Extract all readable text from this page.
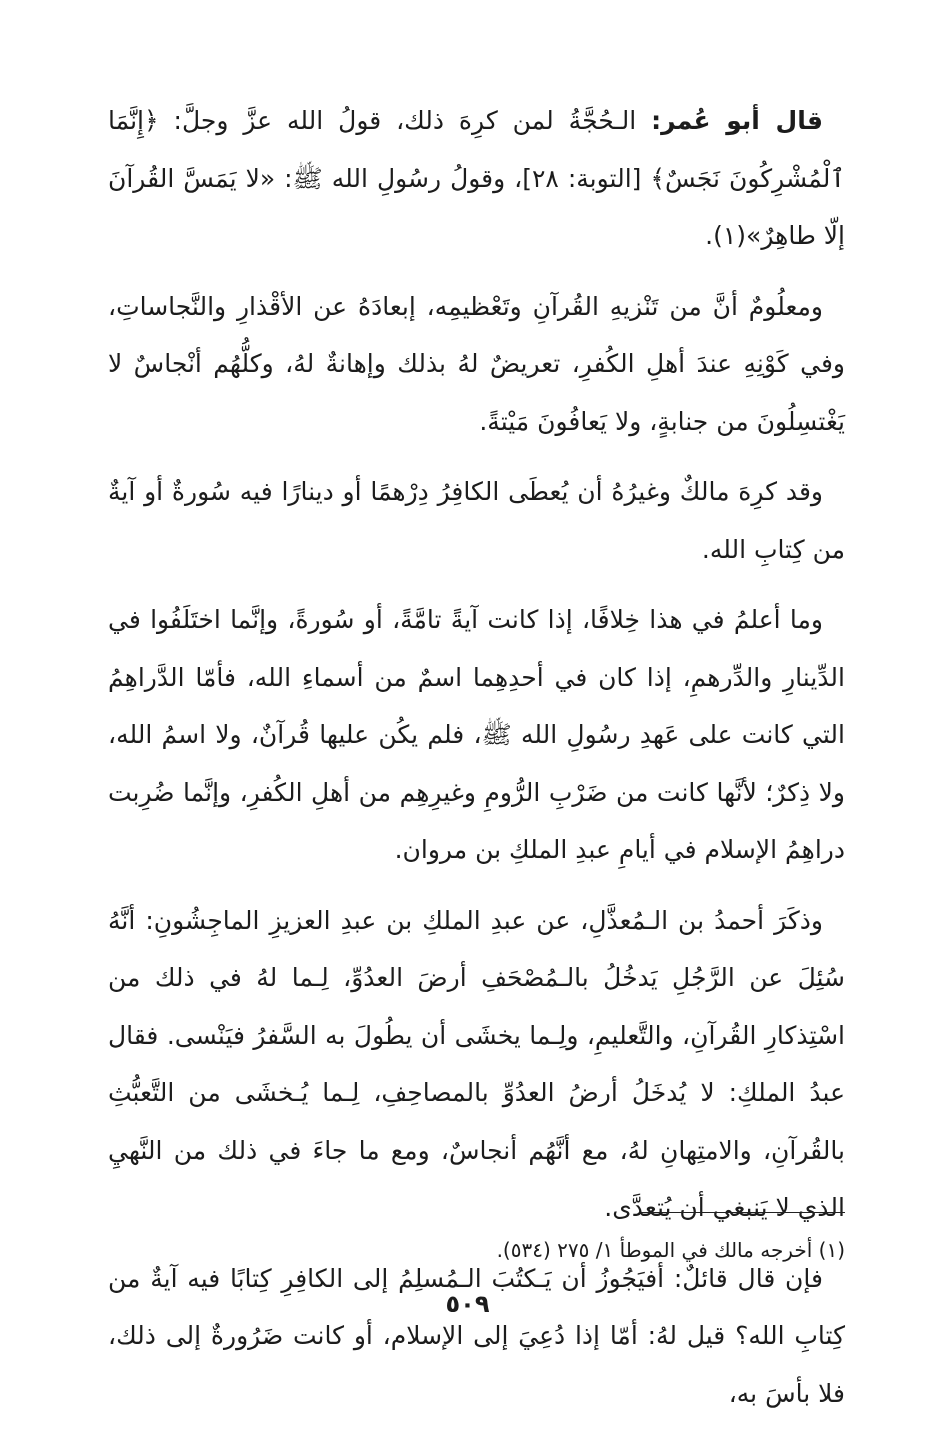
قال أبو عُمر: الـحُجَّةُ لمن كرِهَ ذلك، قولُ الله عزَّ وجلَّ: ﴿إِنَّمَا ٱلْمُشْرِكُونَ نَجَسٌ﴾ [التوبة: ٢٨]، وقولُ رسُولِ الله ﷺ: «لا يَمَسَّ القُرآنَ إلّا طاهِرٌ»(١).

ومعلُومٌ أنَّ من تَنْزيهِ القُرآنِ وتَعْظيمِه، إبعادَهُ عن الأقْذارِ والنَّجاساتِ، وفي كَوْنِهِ عندَ أهلِ الكُفرِ، تعريضٌ لهُ بذلك وإهانةٌ لهُ، وكلُّهُم أنْجاسٌ لا يَغْتسِلُونَ من جنابةٍ، ولا يَعافُونَ مَيْتةً.

وقد كرِهَ مالكٌ وغيرُهُ أن يُعطَى الكافِرُ دِرْهمًا أو دينارًا فيه سُورةٌ أو آيةٌ من كِتابِ الله.

وما أعلمُ في هذا خِلافًا، إذا كانت آيةً تامَّةً، أو سُورةً، وإنَّما اختَلَفُوا في الدِّينارِ والدِّرهمِ، إذا كان في أحدِهِما اسمٌ من أسماءِ الله، فأمّا الدَّراهِمُ التي كانت على عَهدِ رسُولِ الله ﷺ، فلم يكُن عليها قُرآنٌ، ولا اسمُ الله، ولا ذِكرٌ؛ لأنَّها كانت من ضَرْبِ الرُّومِ وغيرِهِم من أهلِ الكُفرِ، وإنَّما ضُرِبت دراهِمُ الإسلام في أيامِ عبدِ الملكِ بن مروان.

وذكَرَ أحمدُ بن الـمُعذَّلِ، عن عبدِ الملكِ بن عبدِ العزيزِ الماجِشُونِ: أنَّهُ سُئِلَ عن الرَّجُلِ يَدخُلُ بالـمُصْحَفِ أرضَ العدُوِّ، لِـما لهُ في ذلك من اسْتِذكارِ القُرآنِ، والتَّعليمِ، ولِـما يخشَى أن يطُولَ به السَّفرُ فيَنْسى. فقال عبدُ الملكِ: لا يُدخَلُ أرضُ العدُوِّ بالمصاحِفِ، لِـما يُـخشَى من التَّعبُّثِ بالقُرآنِ، والامتِهانِ لهُ، مع أنَّهُم أنجاسٌ، ومع ما جاءَ في ذلك من النَّهيِ الذي لا يَنبغي أن يُتعدَّى.

فإن قال قائلٌ: أفيَجُوزُ أن يَـكتُبَ الـمُسلِمُ إلى الكافِرِ كِتابًا فيه آيةٌ من كِتابِ الله؟ قيل لهُ: أمّا إذا دُعِيَ إلى الإسلام، أو كانت ضَرُورةٌ إلى ذلك، فلا بأسَ به،

(١) أخرجه مالك في الموطأ ١/ ٢٧٥ (٥٣٤).

٥٠٩
